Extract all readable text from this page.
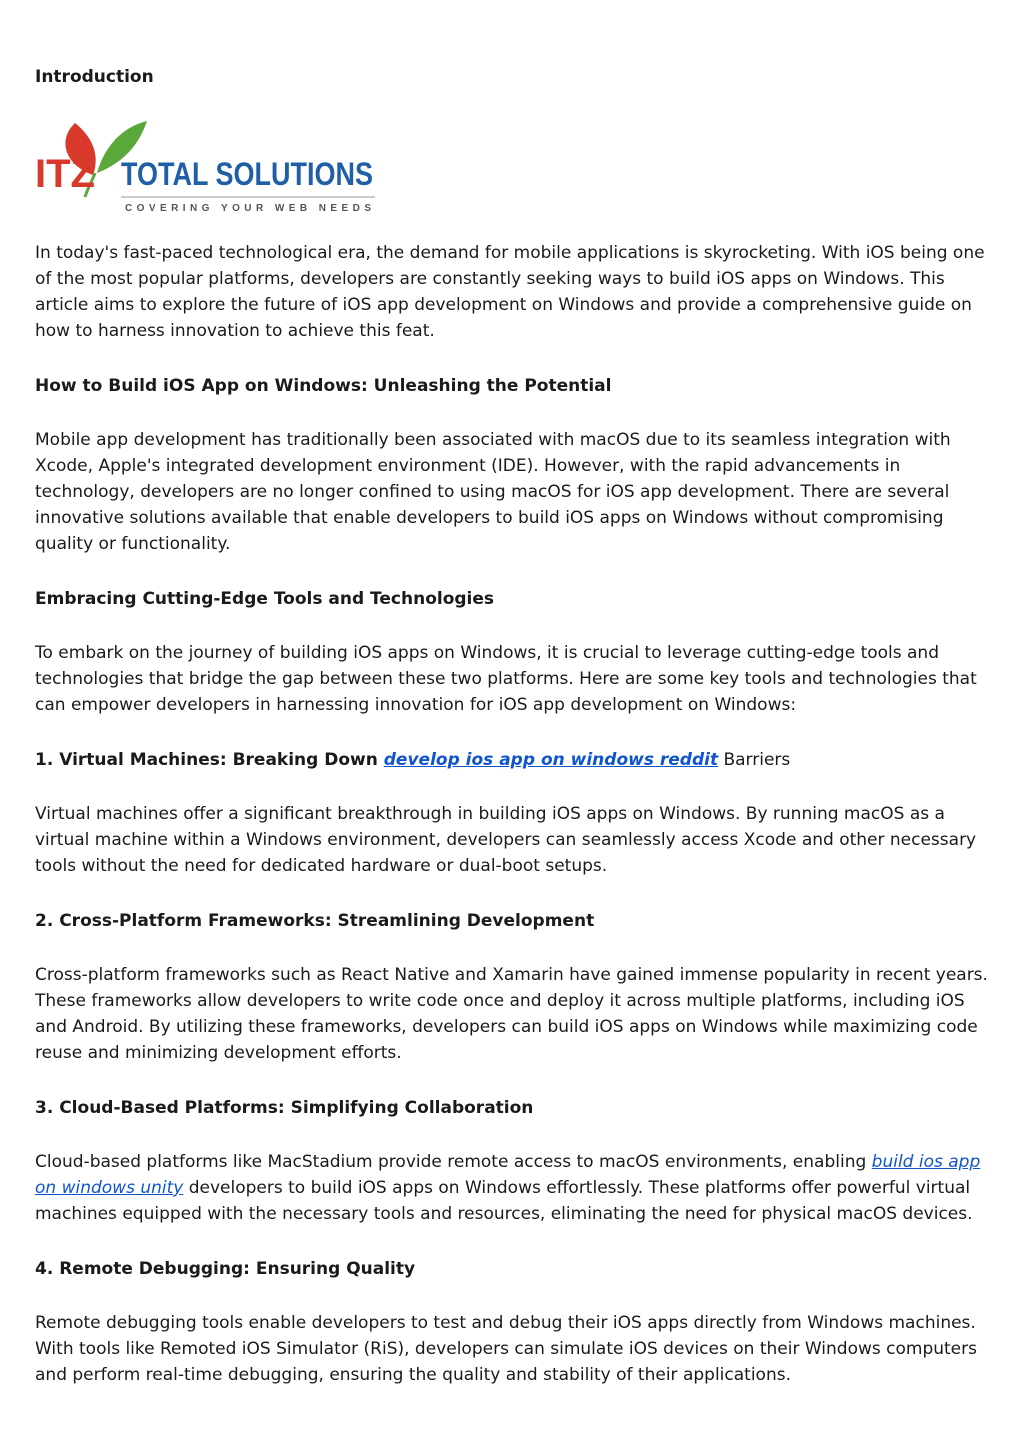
Introduction
ITZ TOTAL SOLUTIONS
COVERING YOUR WEB NEEDS

In today's fast-paced technological era, the demand for mobile applications is skyrocketing. With iOS being one of the most popular platforms, developers are constantly seeking ways to build iOS apps on Windows. This article aims to explore the future of iOS app development on Windows and provide a comprehensive guide on how to harness innovation to achieve this feat.

How to Build iOS App on Windows: Unleashing the Potential

Mobile app development has traditionally been associated with macOS due to its seamless integration with Xcode, Apple's integrated development environment (IDE). However, with the rapid advancements in technology, developers are no longer confined to using macOS for iOS app development. There are several innovative solutions available that enable developers to build iOS apps on Windows without compromising quality or functionality.

Embracing Cutting-Edge Tools and Technologies

To embark on the journey of building iOS apps on Windows, it is crucial to leverage cutting-edge tools and technologies that bridge the gap between these two platforms. Here are some key tools and technologies that can empower developers in harnessing innovation for iOS app development on Windows:

1. Virtual Machines: Breaking Down develop ios app on windows reddit Barriers

Virtual machines offer a significant breakthrough in building iOS apps on Windows. By running macOS as a virtual machine within a Windows environment, developers can seamlessly access Xcode and other necessary tools without the need for dedicated hardware or dual-boot setups.

2. Cross-Platform Frameworks: Streamlining Development

Cross-platform frameworks such as React Native and Xamarin have gained immense popularity in recent years. These frameworks allow developers to write code once and deploy it across multiple platforms, including iOS and Android. By utilizing these frameworks, developers can build iOS apps on Windows while maximizing code reuse and minimizing development efforts.

3. Cloud-Based Platforms: Simplifying Collaboration

Cloud-based platforms like MacStadium provide remote access to macOS environments, enabling build ios app on windows unity developers to build iOS apps on Windows effortlessly. These platforms offer powerful virtual machines equipped with the necessary tools and resources, eliminating the need for physical macOS devices.

4. Remote Debugging: Ensuring Quality

Remote debugging tools enable developers to test and debug their iOS apps directly from Windows machines. With tools like Remoted iOS Simulator (RiS), developers can simulate iOS devices on their Windows computers and perform real-time debugging, ensuring the quality and stability of their applications.
